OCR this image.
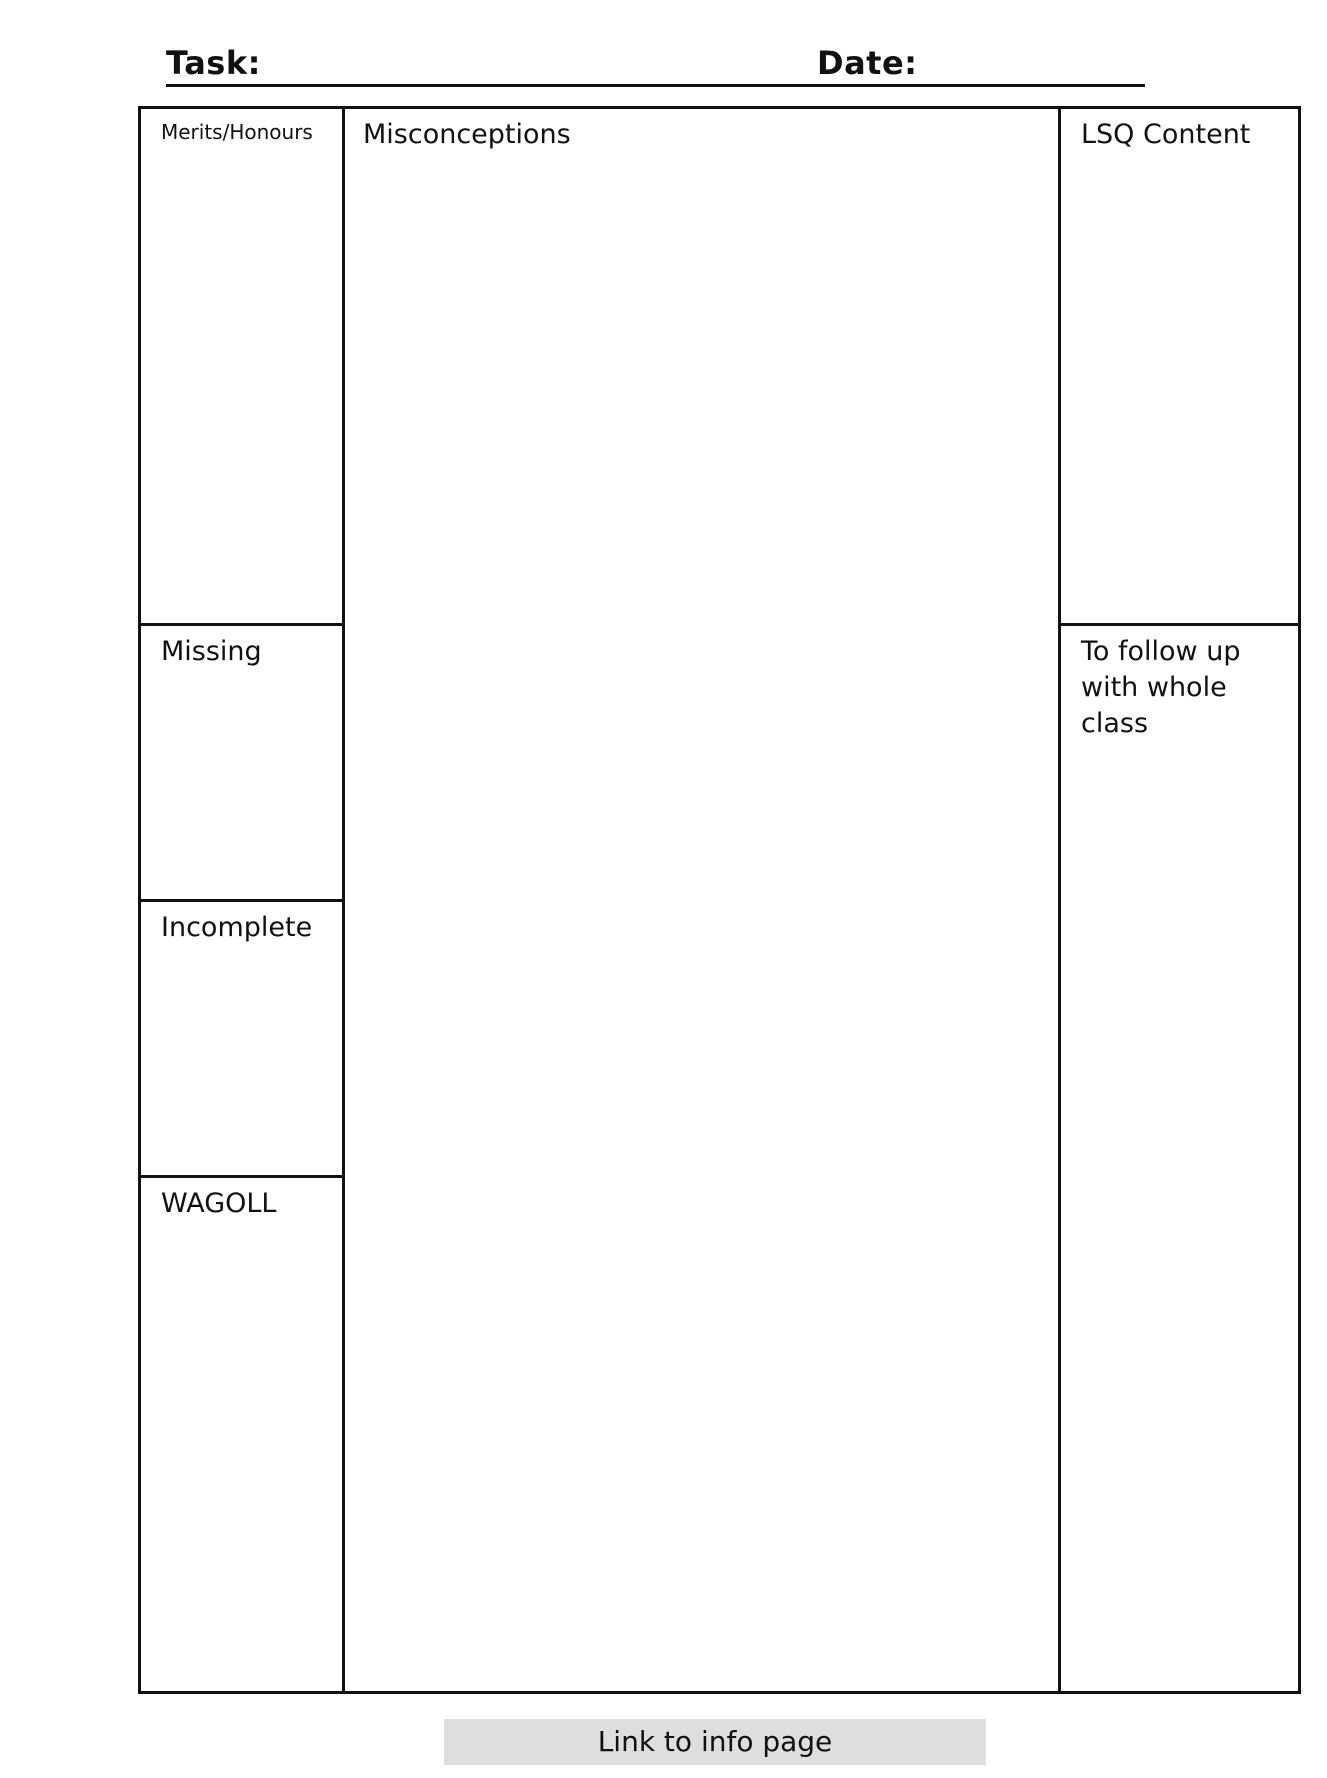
Task:	Date:
Merits/Honours Misconceptions	LSQ Content
Missing
Incomplete
WAGOLL
To follow up with whole class
Link to info page
